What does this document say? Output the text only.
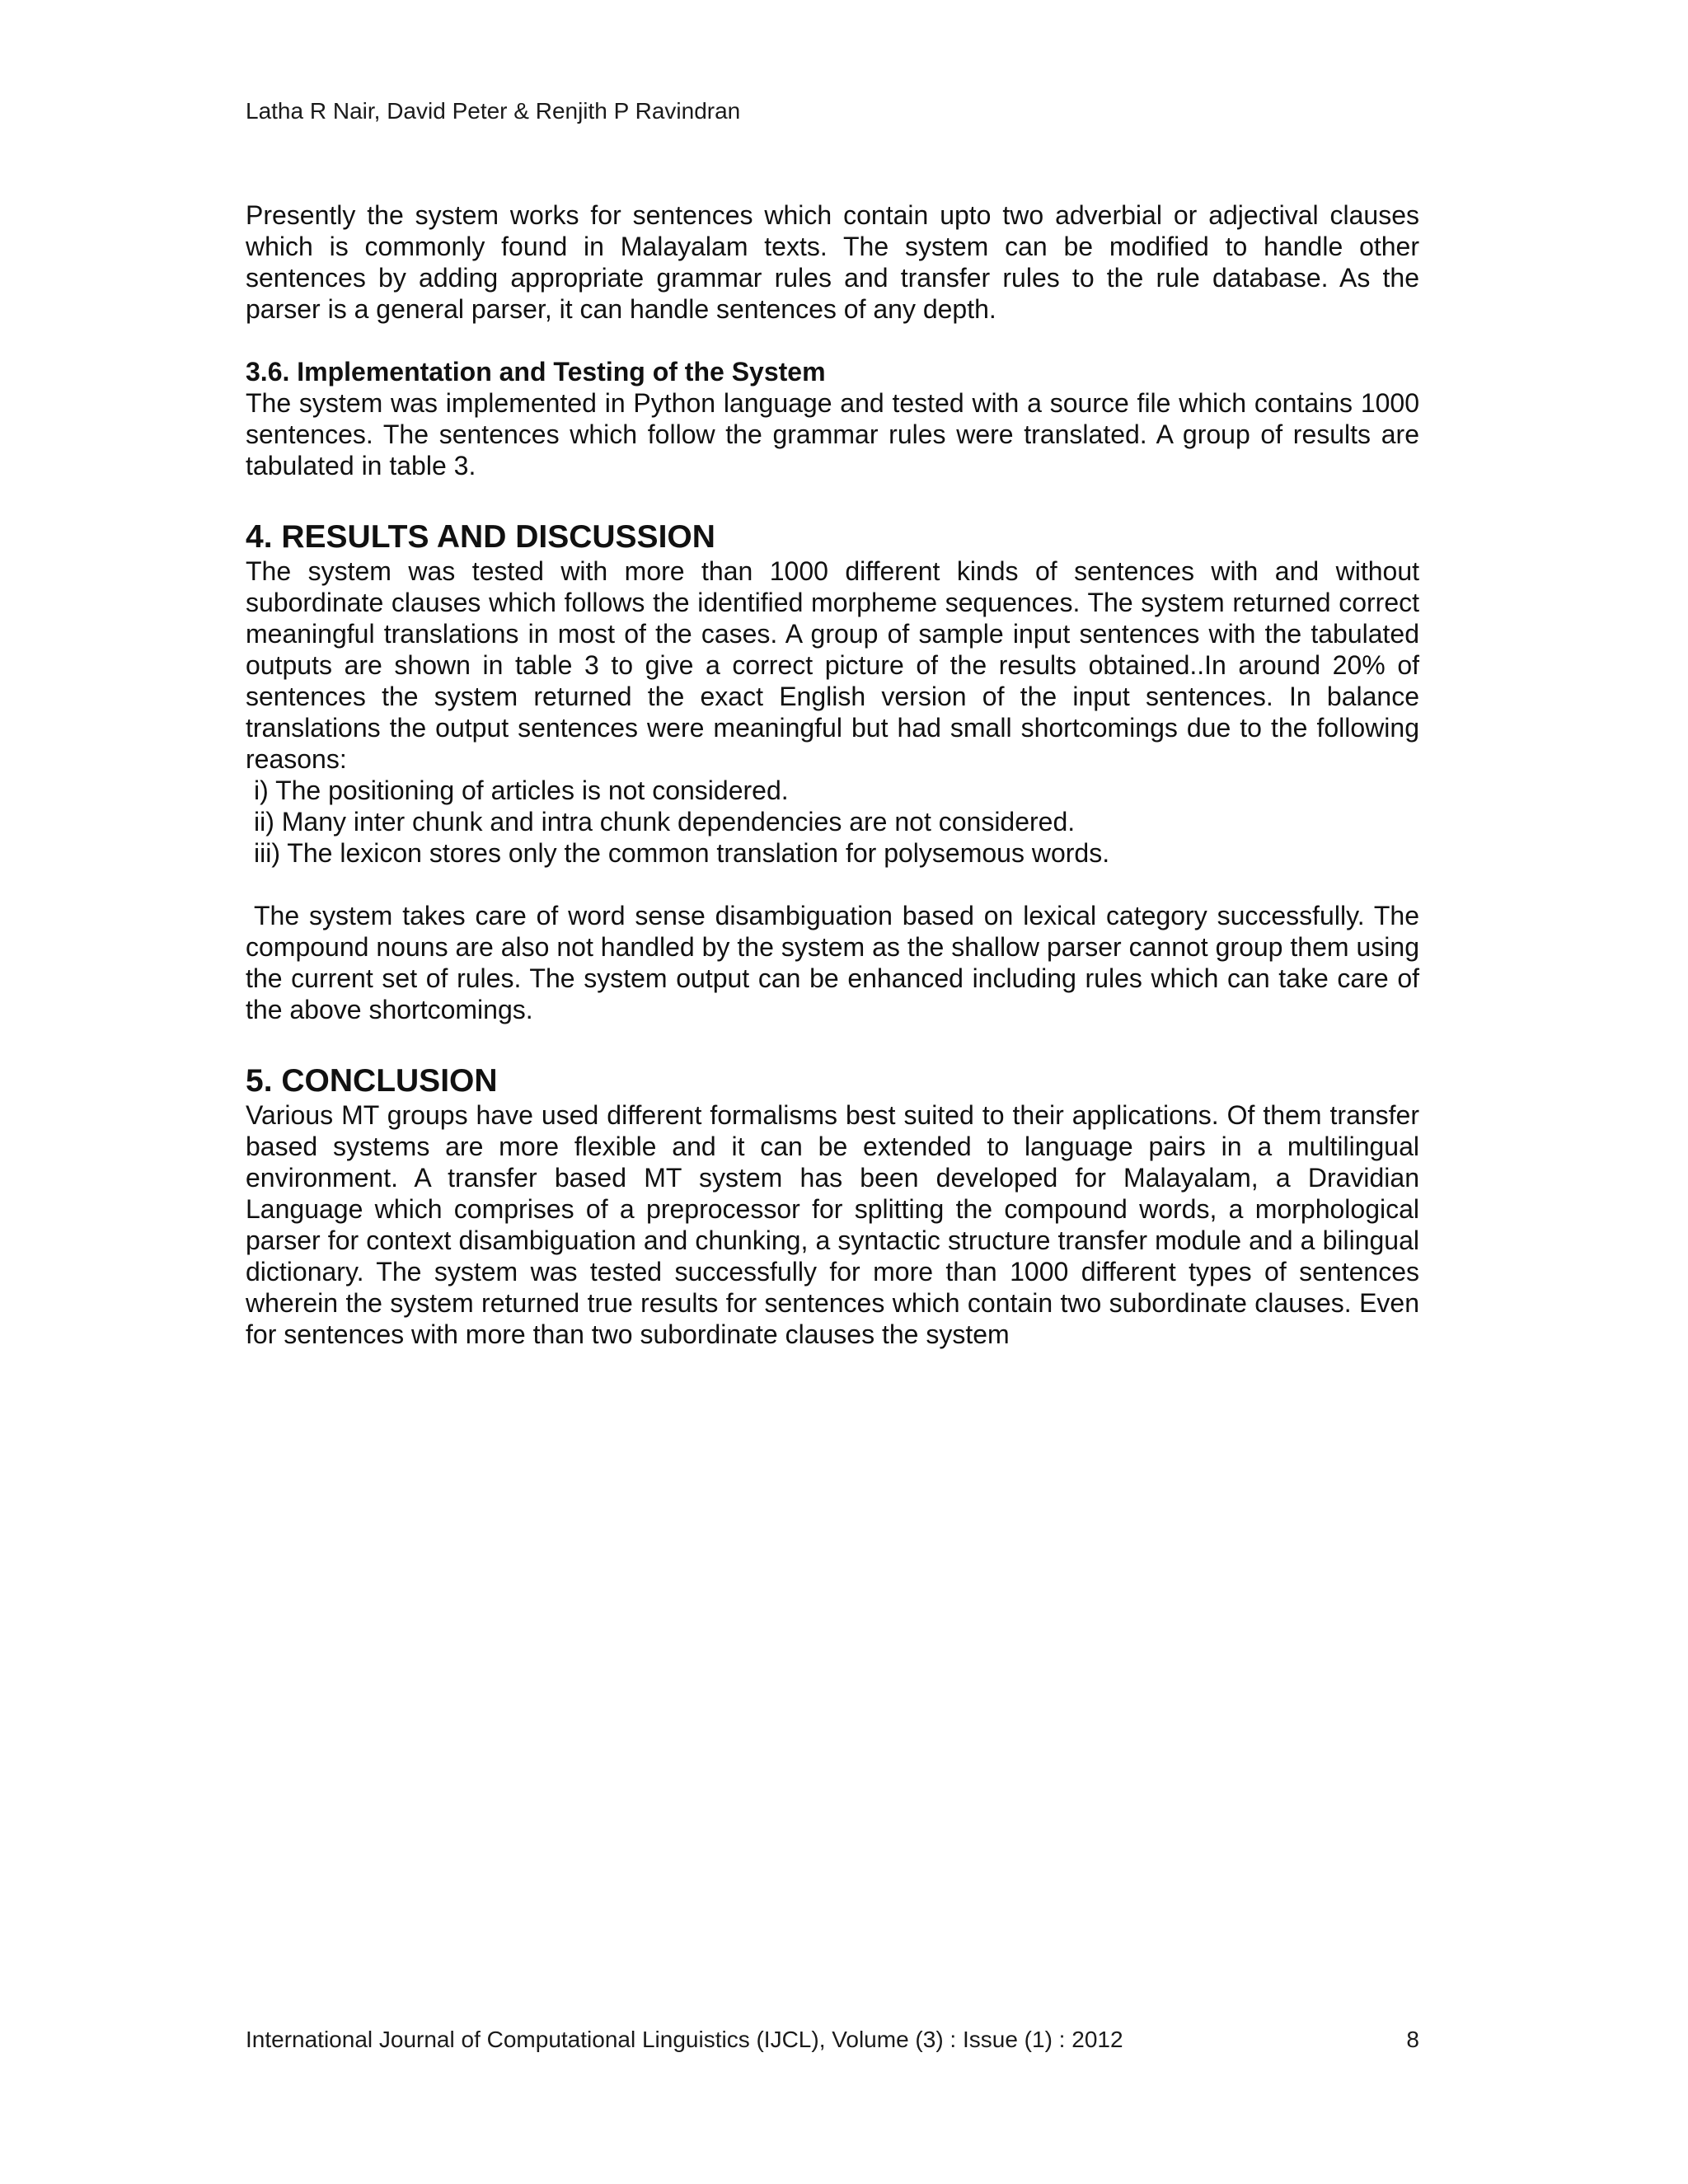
Latha R Nair, David Peter & Renjith P Ravindran

Presently the system works for sentences which contain upto two adverbial or adjectival clauses which is commonly found in Malayalam texts. The system can be modified to handle other sentences by adding appropriate grammar rules and transfer rules to the rule database. As the parser is a general parser, it can handle sentences of any depth.

3.6. Implementation and Testing of the System

The system was implemented in Python language and tested with a source file which contains 1000 sentences. The sentences which follow the grammar rules were translated. A group of results are tabulated in table 3.

4. RESULTS AND DISCUSSION

The system was tested with more than 1000 different kinds of sentences with and without subordinate clauses which follows the identified morpheme sequences. The system returned correct meaningful translations in most of the cases. A group of sample input sentences with the tabulated outputs are shown in table 3 to give a correct picture of the results obtained..In around 20% of sentences the system returned the exact English version of the input sentences. In balance translations the output sentences were meaningful but had small shortcomings due to the following reasons:

i) The positioning of articles is not considered.
ii) Many inter chunk and intra chunk dependencies are not considered.
iii) The lexicon stores only the common translation for polysemous words.

The system takes care of word sense disambiguation based on lexical category successfully. The compound nouns are also not handled by the system as the shallow parser cannot group them using the current set of rules. The system output can be enhanced including rules which can take care of the above shortcomings.

5. CONCLUSION

Various MT groups have used different formalisms best suited to their applications. Of them transfer based systems are more flexible and it can be extended to language pairs in a multilingual environment. A transfer based MT system has been developed for Malayalam, a Dravidian Language which comprises of a preprocessor for splitting the compound words, a morphological parser for context disambiguation and chunking, a syntactic structure transfer module and a bilingual dictionary. The system was tested successfully for more than 1000 different types of sentences wherein the system returned true results for sentences which contain two subordinate clauses. Even for sentences with more than two subordinate clauses the system

International Journal of Computational Linguistics (IJCL), Volume (3) : Issue (1) : 2012	8
